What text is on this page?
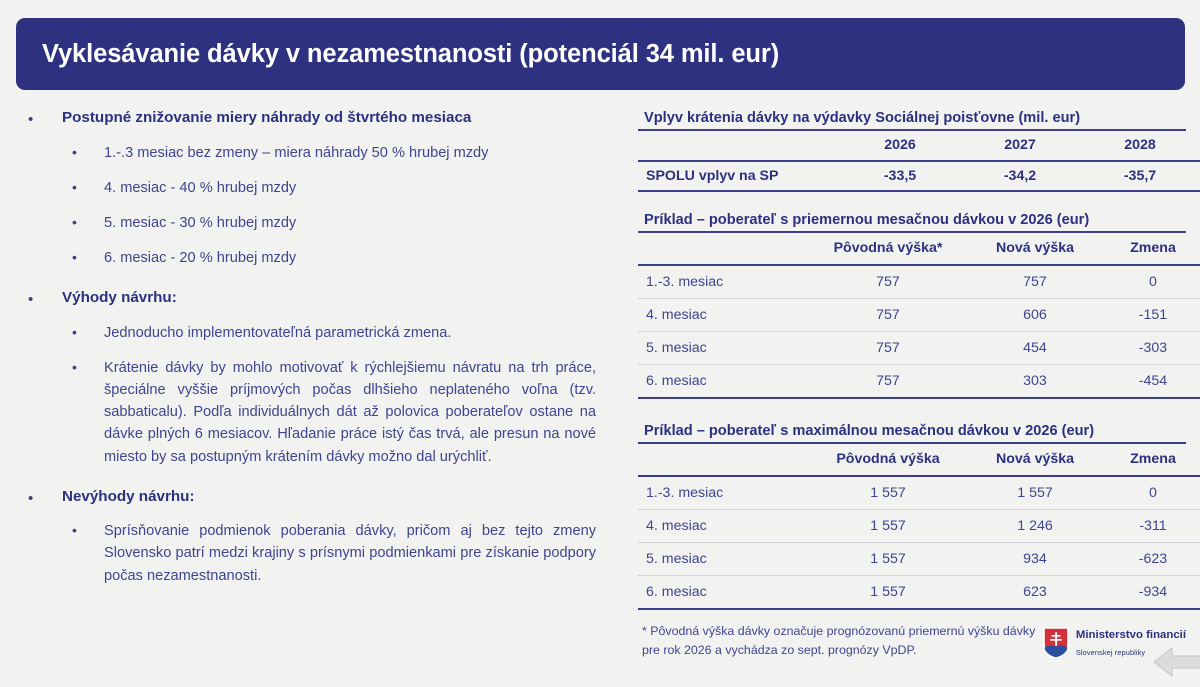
Vyklesávanie dávky v nezamestnanosti (potenciál 34 mil. eur)
•	Postupné znižovanie miery náhrady od štvrtého mesiaca
•	1.-.3 mesiac bez zmeny – miera náhrady 50 % hrubej mzdy
•	4. mesiac - 40 % hrubej mzdy
•	5. mesiac - 30 % hrubej mzdy
•	6. mesiac - 20 % hrubej mzdy
•	Výhody návrhu:
•	Jednoducho implementovateľná parametrická zmena.
•	Krátenie dávky by mohlo motivovať k rýchlejšiemu návratu na trh práce, špeciálne vyššie príjmových počas dlhšieho neplateného voľna (tzv. sabbaticalu). Podľa individuálnych dát až polovica poberateľov ostane na dávke plných 6 mesiacov. Hľadanie práce istý čas trvá, ale presun na nové miesto by sa postupným krátením dávky možno dal urýchliť.
•	Nevýhody návrhu:
•	Sprísňovanie podmienok poberania dávky, pričom aj bez tejto zmeny Slovensko patrí medzi krajiny s prísnymi podmienkami pre získanie podpory počas nezamestnanosti.
Vplyv krátenia dávky na výdavky Sociálnej poisťovne (mil. eur)
	2026	2027	2028
SPOLU vplyv na SP	-33,5	-34,2	-35,7
Príklad – poberateľ s priemernou mesačnou dávkou v 2026 (eur)
	Pôvodná výška*	Nová výška	Zmena
1.-3. mesiac	757	757	0
4. mesiac	757	606	-151
5. mesiac	757	454	-303
6. mesiac	757	303	-454
Príklad – poberateľ s maximálnou mesačnou dávkou v 2026 (eur)
	Pôvodná výška	Nová výška	Zmena
1.-3. mesiac	1 557	1 557	0
4. mesiac	1 557	1 246	-311
5. mesiac	1 557	934	-623
6. mesiac	1 557	623	-934
* Pôvodná výška dávky označuje prognózovanú priemernú výšku dávky pre rok 2026 a vychádza zo sept. prognózy VpDP.
Ministerstvo financií
Slovenskej republiky
